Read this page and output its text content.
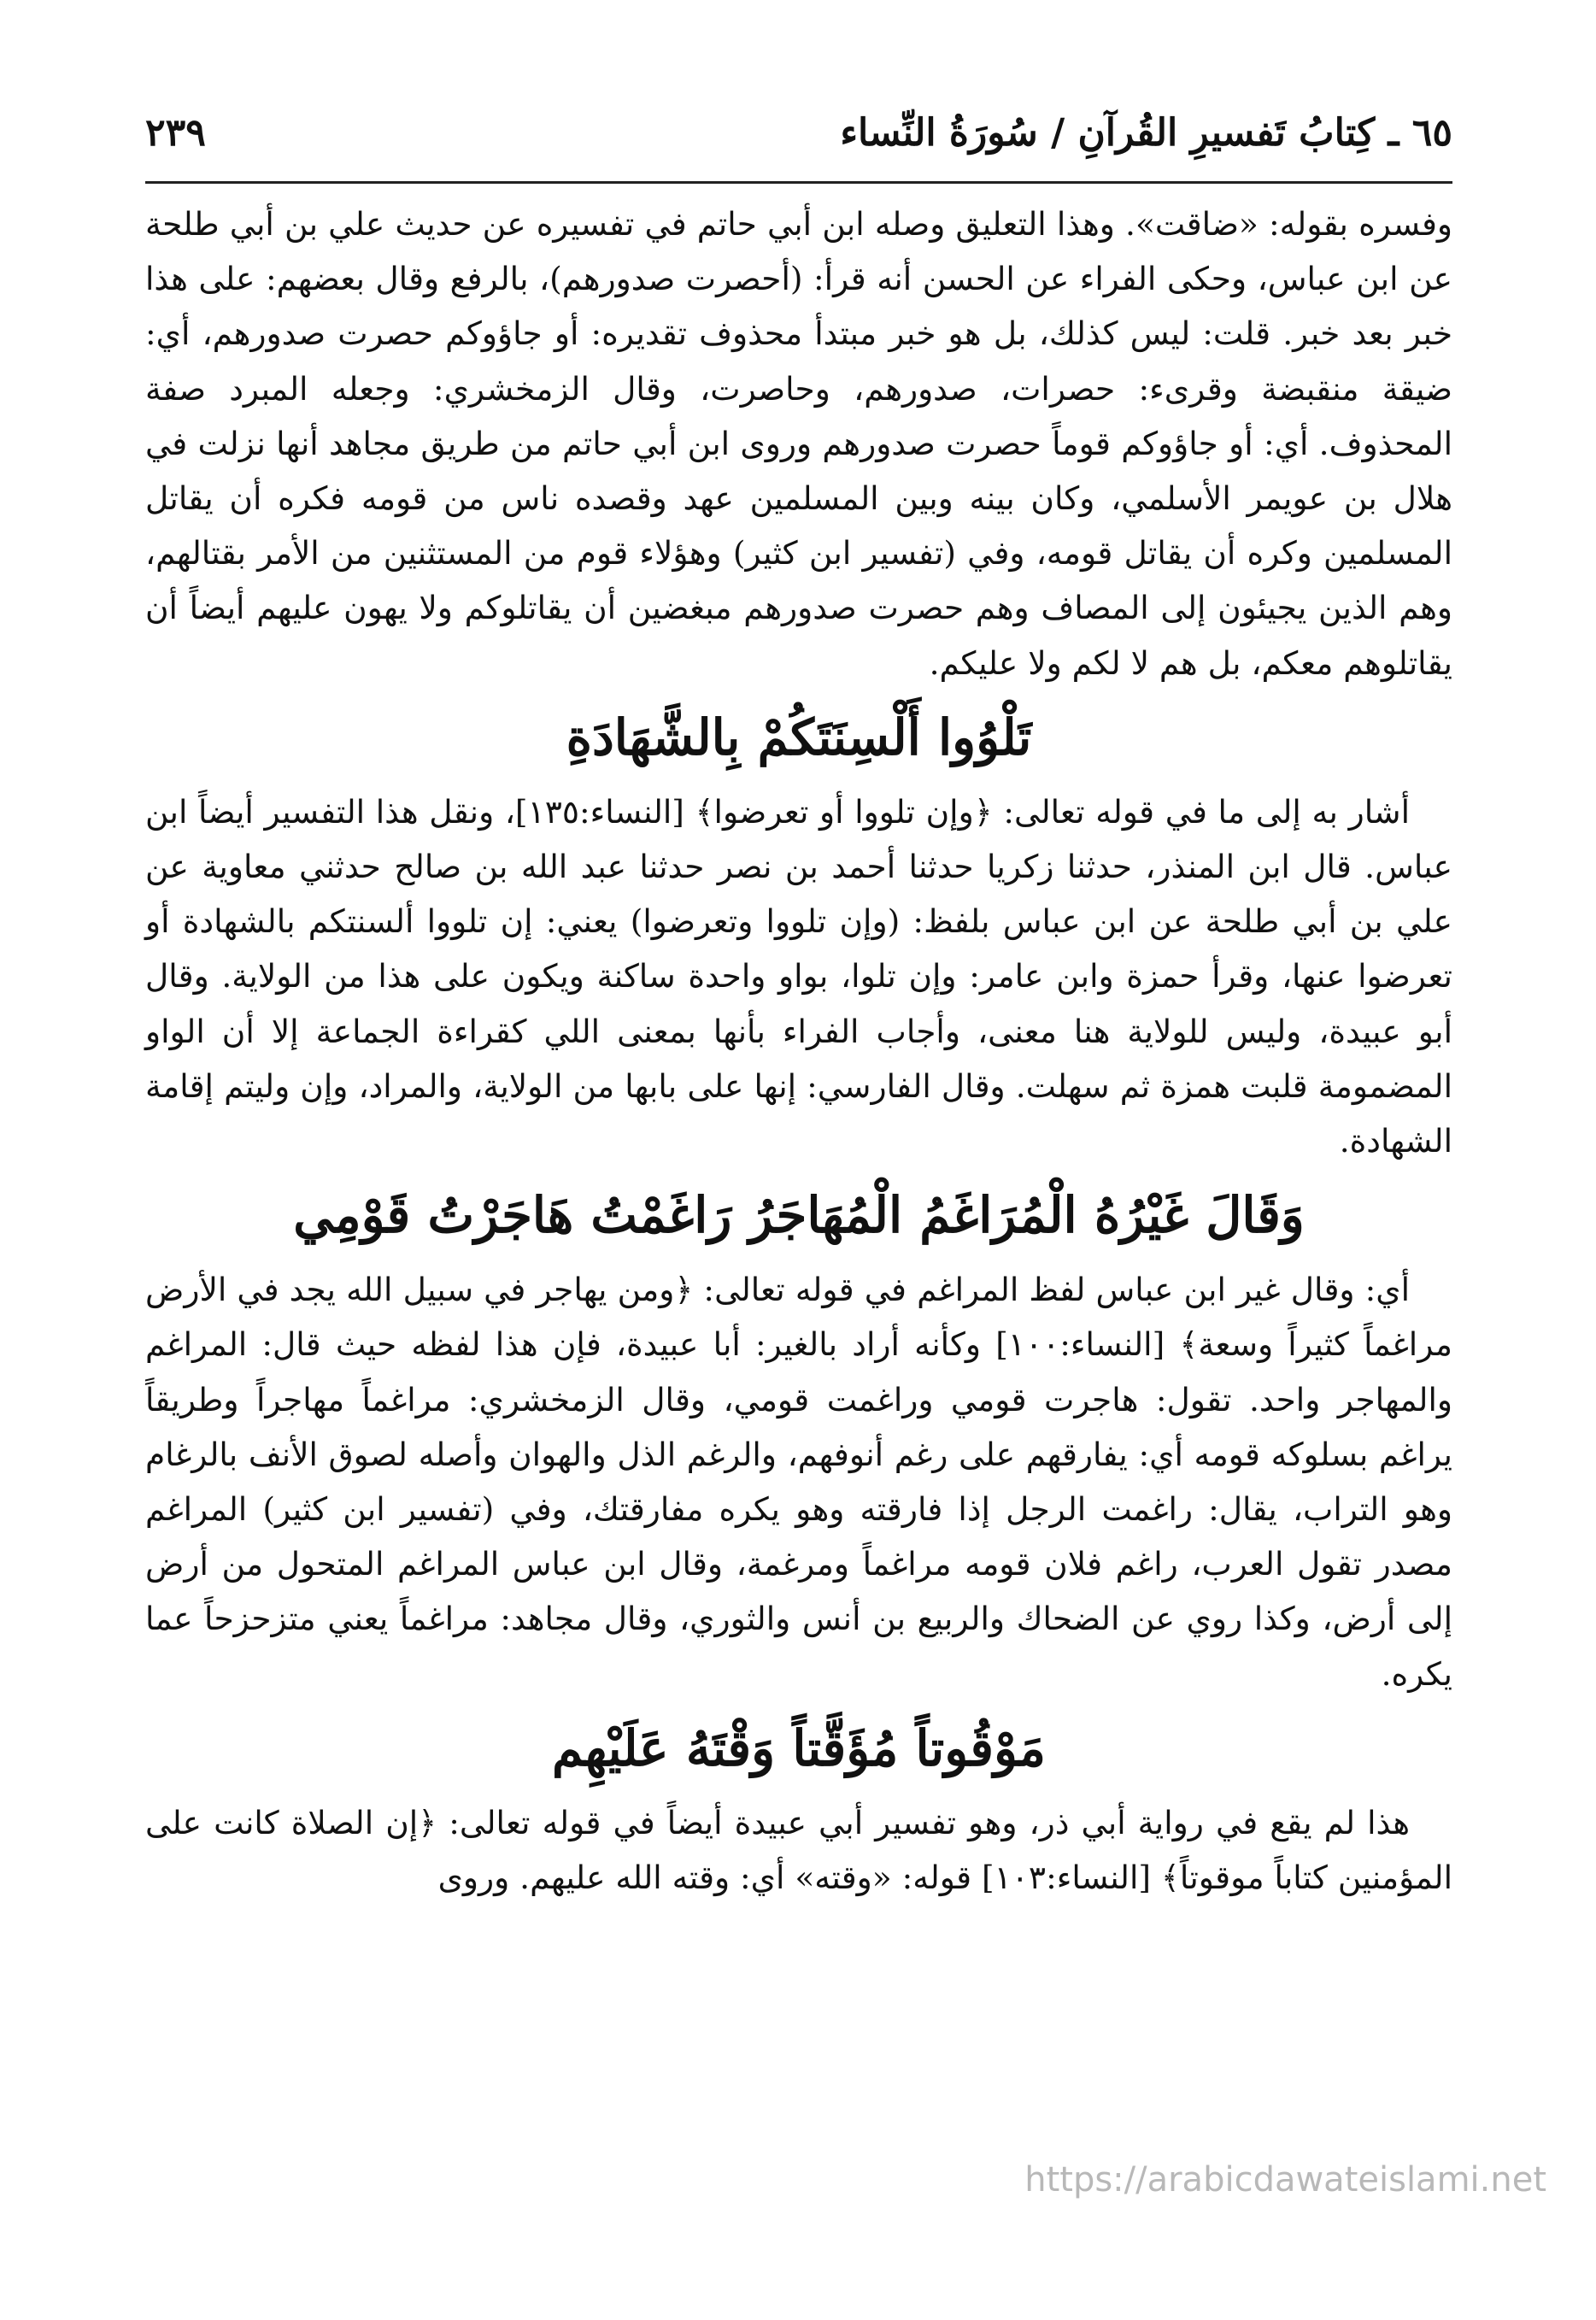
٦٥ ـ كِتابُ تَفسيرِ القُرآنِ / سُورَةُ النِّساء
٢٣٩

وفسره بقوله: «ضاقت». وهذا التعليق وصله ابن أبي حاتم في تفسيره عن حديث علي بن أبي طلحة عن ابن عباس، وحكى الفراء عن الحسن أنه قرأ: (أحصرت صدورهم)، بالرفع وقال بعضهم: على هذا خبر بعد خبر. قلت: ليس كذلك، بل هو خبر مبتدأ محذوف تقديره: أو جاؤوكم حصرت صدورهم، أي: ضيقة منقبضة وقرىء: حصرات، صدورهم، وحاصرت، وقال الزمخشري: وجعله المبرد صفة المحذوف. أي: أو جاؤوكم قوماً حصرت صدورهم وروى ابن أبي حاتم من طريق مجاهد أنها نزلت في هلال بن عويمر الأسلمي، وكان بينه وبين المسلمين عهد وقصده ناس من قومه فكره أن يقاتل المسلمين وكره أن يقاتل قومه، وفي (تفسير ابن كثير) وهؤلاء قوم من المستثنين من الأمر بقتالهم، وهم الذين يجيئون إلى المصاف وهم حصرت صدورهم مبغضين أن يقاتلوكم ولا يهون عليهم أيضاً أن يقاتلوهم معكم، بل هم لا لكم ولا عليكم.

تَلْوُوا أَلْسِنَتَكُمْ بِالشَّهَادَةِ

أشار به إلى ما في قوله تعالى: ﴿وإن تلووا أو تعرضوا﴾ [النساء:١٣٥]، ونقل هذا التفسير أيضاً ابن عباس. قال ابن المنذر، حدثنا زكريا حدثنا أحمد بن نصر حدثنا عبد الله بن صالح حدثني معاوية عن علي بن أبي طلحة عن ابن عباس بلفظ: (وإن تلووا وتعرضوا) يعني: إن تلووا ألسنتكم بالشهادة أو تعرضوا عنها، وقرأ حمزة وابن عامر: وإن تلوا، بواو واحدة ساكنة ويكون على هذا من الولاية. وقال أبو عبيدة، وليس للولاية هنا معنى، وأجاب الفراء بأنها بمعنى اللي كقراءة الجماعة إلا أن الواو المضمومة قلبت همزة ثم سهلت. وقال الفارسي: إنها على بابها من الولاية، والمراد، وإن وليتم إقامة الشهادة.

وَقَالَ غَيْرُهُ الْمُرَاغَمُ الْمُهَاجَرُ رَاغَمْتُ هَاجَرْتُ قَوْمِي

أي: وقال غير ابن عباس لفظ المراغم في قوله تعالى: ﴿ومن يهاجر في سبيل الله يجد في الأرض مراغماً كثيراً وسعة﴾ [النساء:١٠٠] وكأنه أراد بالغير: أبا عبيدة، فإن هذا لفظه حيث قال: المراغم والمهاجر واحد. تقول: هاجرت قومي وراغمت قومي، وقال الزمخشري: مراغماً مهاجراً وطريقاً يراغم بسلوكه قومه أي: يفارقهم على رغم أنوفهم، والرغم الذل والهوان وأصله لصوق الأنف بالرغام وهو التراب، يقال: راغمت الرجل إذا فارقته وهو يكره مفارقتك، وفي (تفسير ابن كثير) المراغم مصدر تقول العرب، راغم فلان قومه مراغماً ومرغمة، وقال ابن عباس المراغم المتحول من أرض إلى أرض، وكذا روي عن الضحاك والربيع بن أنس والثوري، وقال مجاهد: مراغماً يعني متزحزحاً عما يكره.

مَوْقُوتاً مُؤَقَّتاً وَقْتَهُ عَلَيْهِم

هذا لم يقع في رواية أبي ذر، وهو تفسير أبي عبيدة أيضاً في قوله تعالى: ﴿إن الصلاة كانت على المؤمنين كتاباً موقوتاً﴾ [النساء:١٠٣] قوله: «وقته» أي: وقته الله عليهم. وروى

https://arabicdawateislami.net
